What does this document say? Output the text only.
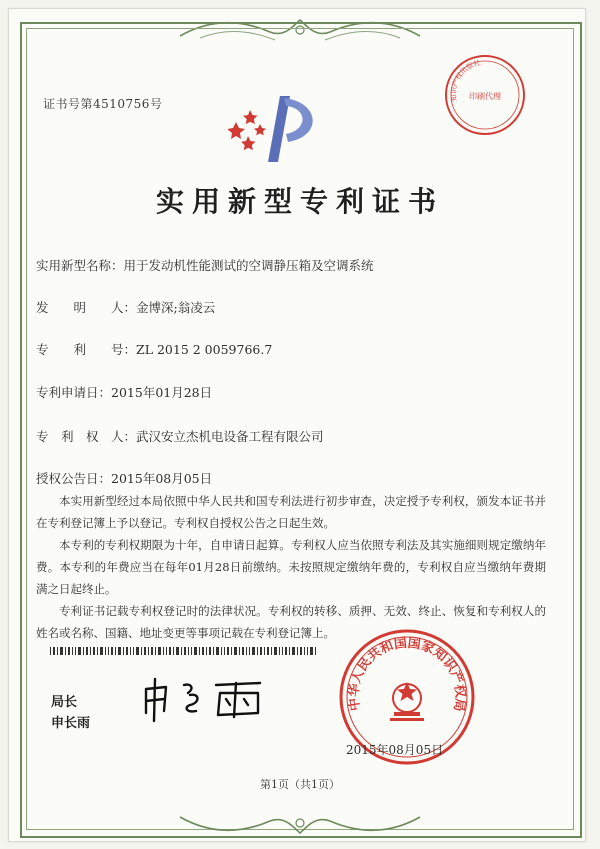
证书号第4510756号
实用新型专利证书
知识产权出版社
印刷代理
实用新型名称：用于发动机性能测试的空调静压箱及空调系统
发　　明　　人：金博深;翁凌云
专　　利　　号：ZL 2015 2 0059766.7
专利申请日：2015年01月28日
专　利　权　人：武汉安立杰机电设备工程有限公司
授权公告日：2015年08月05日

本实用新型经过本局依照中华人民共和国专利法进行初步审查，决定授予专利权，颁发本证书并在专利登记簿上予以登记。专利权自授权公告之日起生效。

本专利的专利权期限为十年，自申请日起算。专利权人应当依照专利法及其实施细则规定缴纳年费。本专利的年费应当在每年01月28日前缴纳。未按照规定缴纳年费的，专利权自应当缴纳年费期满之日起终止。

专利证书记载专利权登记时的法律状况。专利权的转移、质押、无效、终止、恢复和专利权人的姓名或名称、国籍、地址变更等事项记载在专利登记簿上。

局长
申长雨
中华人民共和国国家知识产权局
2015年08月05日
第1页（共1页）
